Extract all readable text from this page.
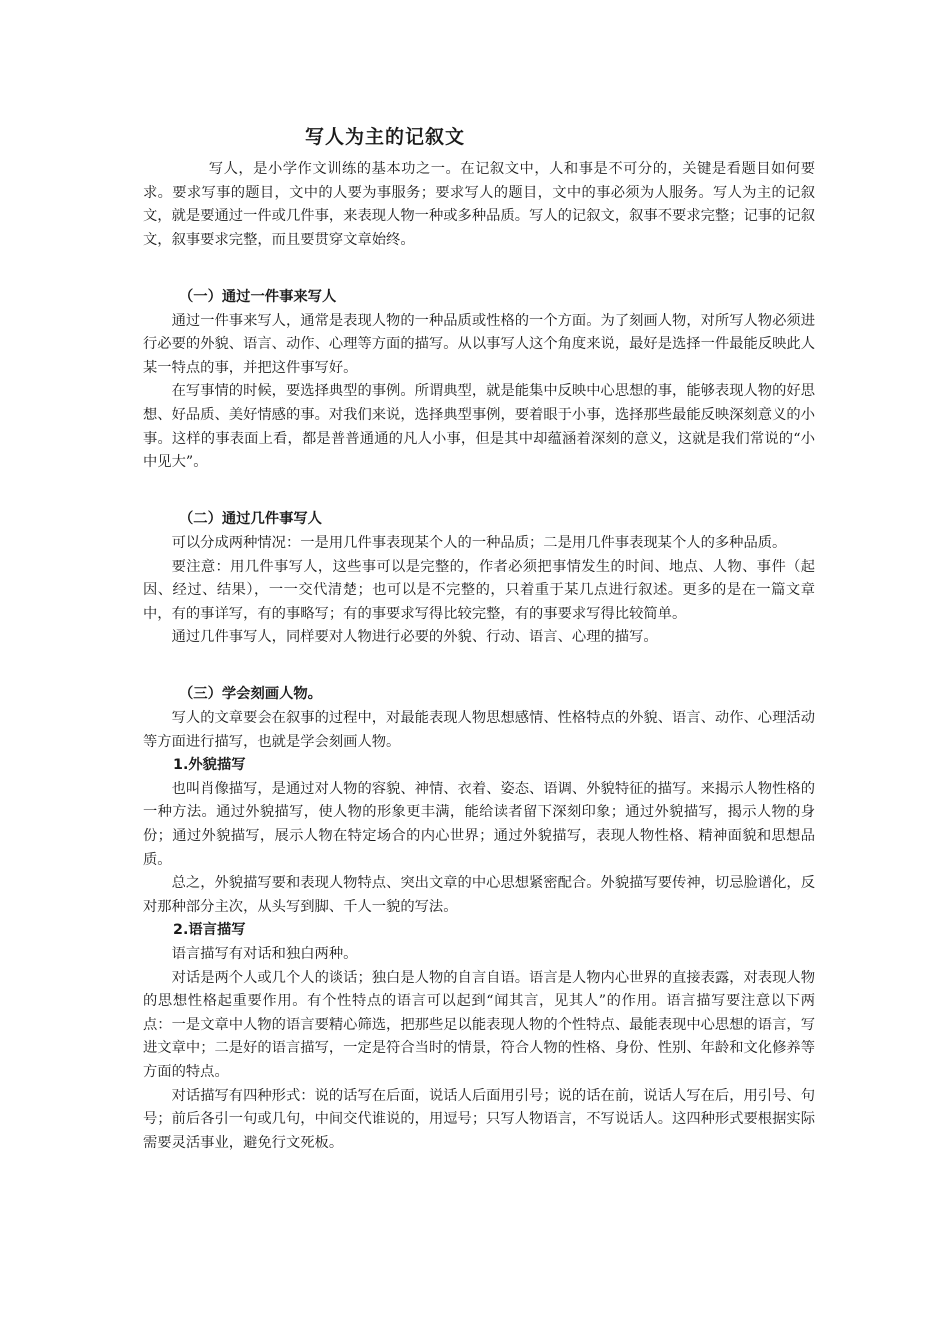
写人为主的记叙文

写人，是小学作文训练的基本功之一。在记叙文中，人和事是不可分的，关键是看题目如何要求。要求写事的题目，文中的人要为事服务；要求写人的题目，文中的事必须为人服务。写人为主的记叙文，就是要通过一件或几件事，来表现人物一种或多种品质。写人的记叙文，叙事不要求完整；记事的记叙文，叙事要求完整，而且要贯穿文章始终。

（一）通过一件事来写人

通过一件事来写人，通常是表现人物的一种品质或性格的一个方面。为了刻画人物，对所写人物必须进行必要的外貌、语言、动作、心理等方面的描写。从以事写人这个角度来说，最好是选择一件最能反映此人某一特点的事，并把这件事写好。

在写事情的时候，要选择典型的事例。所谓典型，就是能集中反映中心思想的事，能够表现人物的好思想、好品质、美好情感的事。对我们来说，选择典型事例，要着眼于小事，选择那些最能反映深刻意义的小事。这样的事表面上看，都是普普通通的凡人小事，但是其中却蕴涵着深刻的意义，这就是我们常说的“小中见大”。

（二）通过几件事写人

可以分成两种情况：一是用几件事表现某个人的一种品质；二是用几件事表现某个人的多种品质。

要注意：用几件事写人，这些事可以是完整的，作者必须把事情发生的时间、地点、人物、事件（起因、经过、结果），一一交代清楚；也可以是不完整的，只着重于某几点进行叙述。更多的是在一篇文章中，有的事详写，有的事略写；有的事要求写得比较完整，有的事要求写得比较简单。

通过几件事写人，同样要对人物进行必要的外貌、行动、语言、心理的描写。

（三）学会刻画人物。

写人的文章要会在叙事的过程中，对最能表现人物思想感情、性格特点的外貌、语言、动作、心理活动等方面进行描写，也就是学会刻画人物。

1.外貌描写

也叫肖像描写，是通过对人物的容貌、神情、衣着、姿态、语调、外貌特征的描写。来揭示人物性格的一种方法。通过外貌描写，使人物的形象更丰满，能给读者留下深刻印象；通过外貌描写，揭示人物的身份；通过外貌描写，展示人物在特定场合的内心世界；通过外貌描写，表现人物性格、精神面貌和思想品质。

总之，外貌描写要和表现人物特点、突出文章的中心思想紧密配合。外貌描写要传神，切忌脸谱化，反对那种部分主次，从头写到脚、千人一貌的写法。

2.语言描写

语言描写有对话和独白两种。

对话是两个人或几个人的谈话；独白是人物的自言自语。语言是人物内心世界的直接表露，对表现人物的思想性格起重要作用。有个性特点的语言可以起到“闻其言，见其人”的作用。语言描写要注意以下两点：一是文章中人物的语言要精心筛选，把那些足以能表现人物的个性特点、最能表现中心思想的语言，写进文章中；二是好的语言描写，一定是符合当时的情景，符合人物的性格、身份、性别、年龄和文化修养等方面的特点。

对话描写有四种形式：说的话写在后面，说话人后面用引号；说的话在前，说话人写在后，用引号、句号；前后各引一句或几句，中间交代谁说的，用逗号；只写人物语言，不写说话人。这四种形式要根据实际需要灵活事业，避免行文死板。
